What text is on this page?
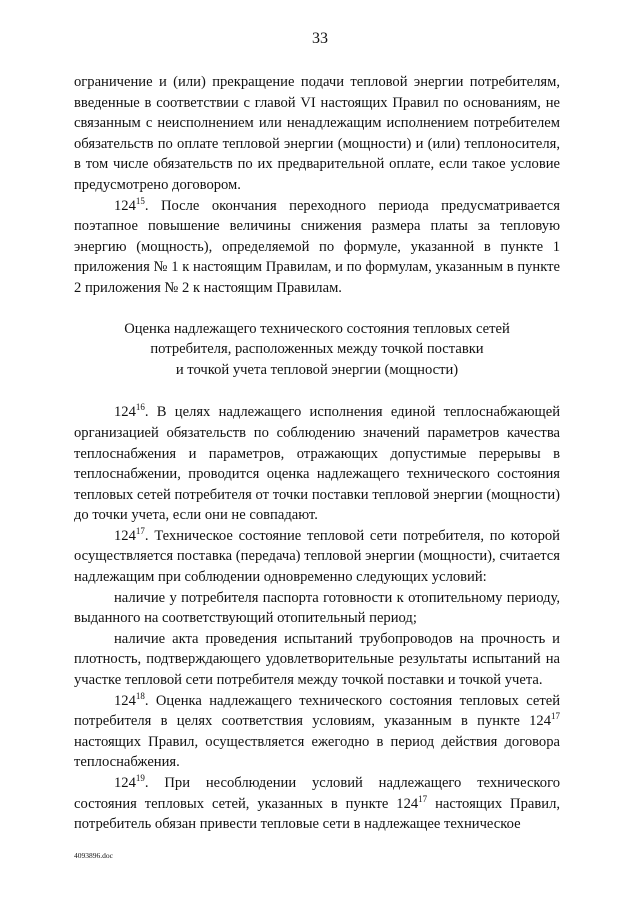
33

ограничение и (или) прекращение подачи тепловой энергии потребителям, введенные в соответствии с главой VI настоящих Правил по основаниям, не связанным с неисполнением или ненадлежащим исполнением потребителем обязательств по оплате тепловой энергии (мощности) и (или) теплоносителя, в том числе обязательств по их предварительной оплате, если такое условие предусмотрено договором.

$124^{15}$. После окончания переходного периода предусматривается поэтапное повышение величины снижения размера платы за тепловую энергию (мощность), определяемой по формуле, указанной в пункте 1 приложения № 1 к настоящим Правилам, и по формулам, указанным в пункте 2 приложения № 2 к настоящим Правилам.

Оценка надлежащего технического состояния тепловых сетей
потребителя, расположенных между точкой поставки
и точкой учета тепловой энергии (мощности)

$124^{16}$. В целях надлежащего исполнения единой теплоснабжающей организацией обязательств по соблюдению значений параметров качества теплоснабжения и параметров, отражающих допустимые перерывы в теплоснабжении, проводится оценка надлежащего технического состояния тепловых сетей потребителя от точки поставки тепловой энергии (мощности) до точки учета, если они не совпадают.

$124^{17}$. Техническое состояние тепловой сети потребителя, по которой осуществляется поставка (передача) тепловой энергии (мощности), считается надлежащим при соблюдении одновременно следующих условий:

наличие у потребителя паспорта готовности к отопительному периоду, выданного на соответствующий отопительный период;

наличие акта проведения испытаний трубопроводов на прочность и плотность, подтверждающего удовлетворительные результаты испытаний на участке тепловой сети потребителя между точкой поставки и точкой учета.

$124^{18}$. Оценка надлежащего технического состояния тепловых сетей потребителя в целях соответствия условиям, указанным в пункте $124^{17}$ настоящих Правил, осуществляется ежегодно в период действия договора теплоснабжения.

$124^{19}$. При несоблюдении условий надлежащего технического состояния тепловых сетей, указанных в пункте $124^{17}$ настоящих Правил, потребитель обязан привести тепловые сети в надлежащее техническое

4093896.doc
